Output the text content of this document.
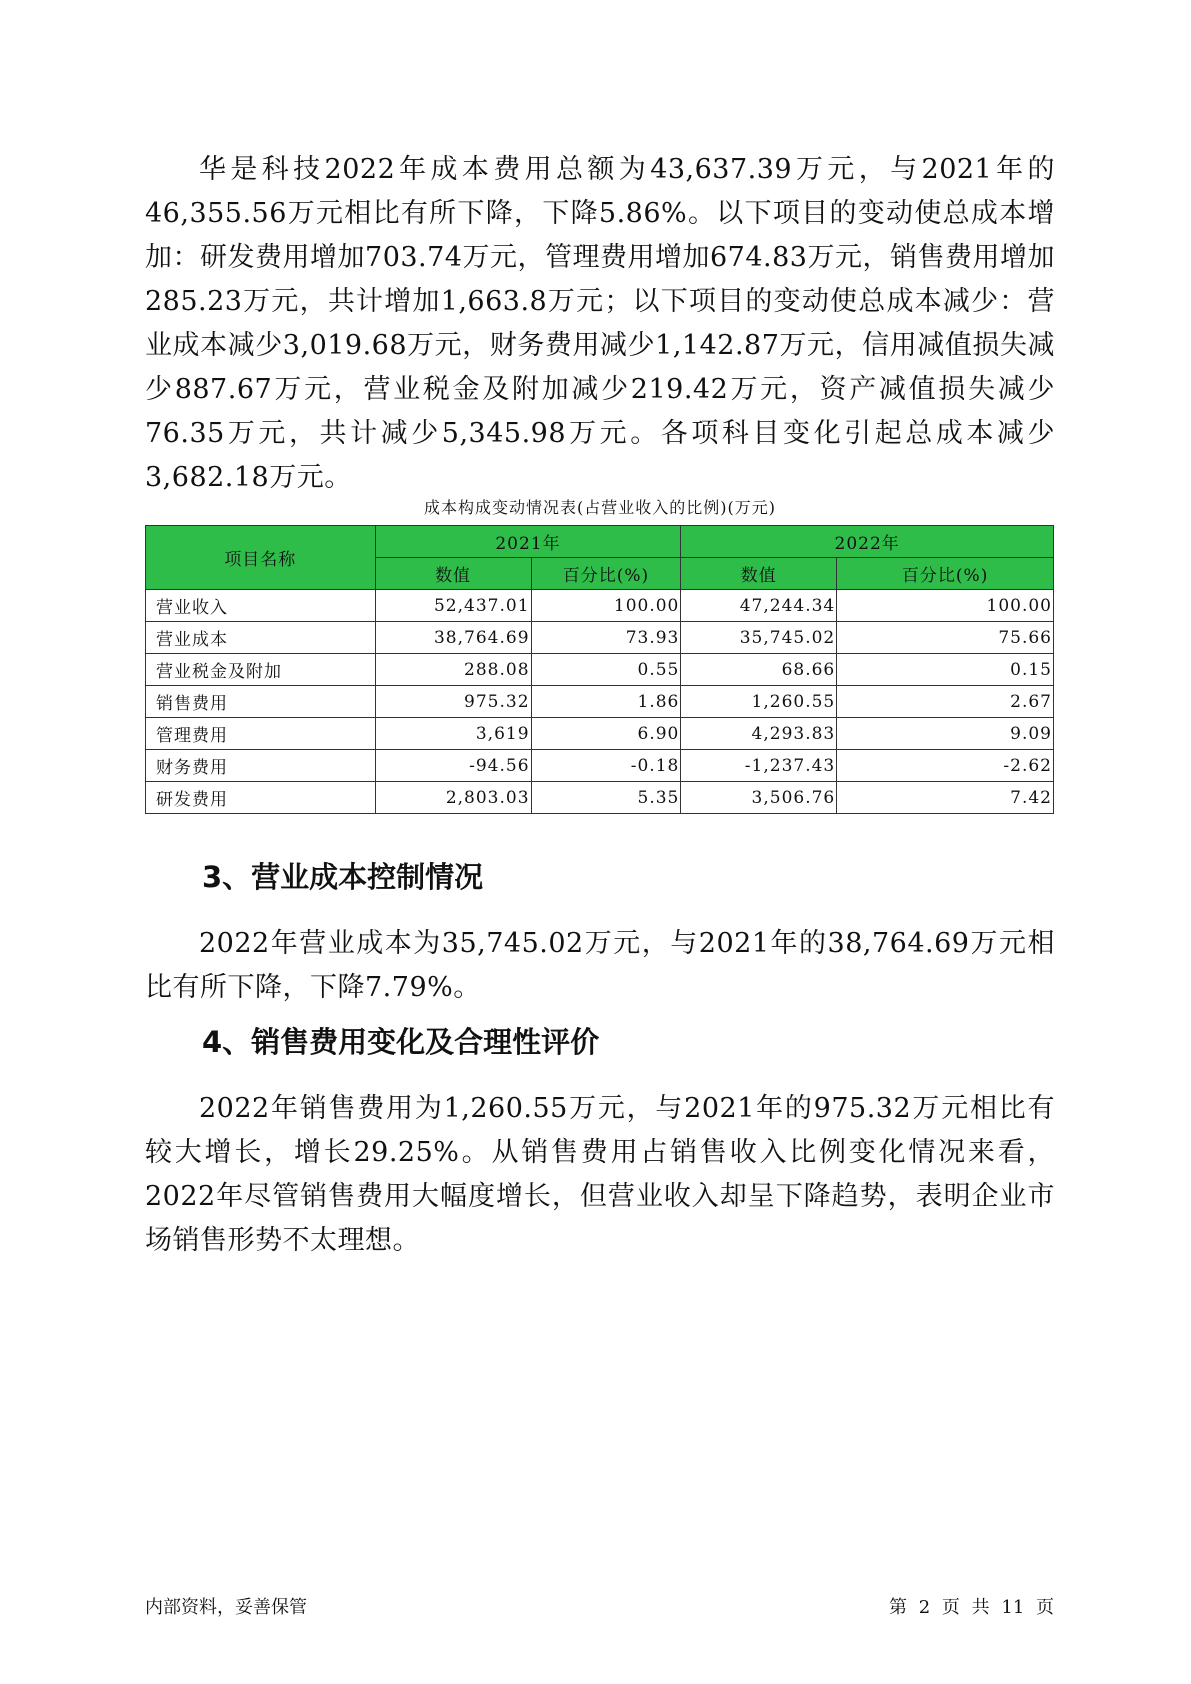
华是科技2022年成本费用总额为43,637.39万元，与2021年的46,355.56万元相比有所下降，下降5.86%。以下项目的变动使总成本增加：研发费用增加703.74万元，管理费用增加674.83万元，销售费用增加285.23万元，共计增加1,663.8万元；以下项目的变动使总成本减少：营业成本减少3,019.68万元，财务费用减少1,142.87万元，信用减值损失减少887.67万元，营业税金及附加减少219.42万元，资产减值损失减少76.35万元，共计减少5,345.98万元。各项科目变化引起总成本减少3,682.18万元。

成本构成变动情况表(占营业收入的比例)(万元)
项目名称	2021年		2022年	
	数值	百分比(%)	数值	百分比(%)
营业收入	52,437.01	100.00	47,244.34	100.00
营业成本	38,764.69	73.93	35,745.02	75.66
营业税金及附加	288.08	0.55	68.66	0.15
销售费用	975.32	1.86	1,260.55	2.67
管理费用	3,619	6.90	4,293.83	9.09
财务费用	-94.56	-0.18	-1,237.43	-2.62
研发费用	2,803.03	5.35	3,506.76	7.42
3、营业成本控制情况

2022年营业成本为35,745.02万元，与2021年的38,764.69万元相比有所下降，下降7.79%。

4、销售费用变化及合理性评价

2022年销售费用为1,260.55万元，与2021年的975.32万元相比有较大增长，增长29.25%。从销售费用占销售收入比例变化情况来看，2022年尽管销售费用大幅度增长，但营业收入却呈下降趋势，表明企业市场销售形势不太理想。

内部资料，妥善保管	第 2 页 共 11 页
